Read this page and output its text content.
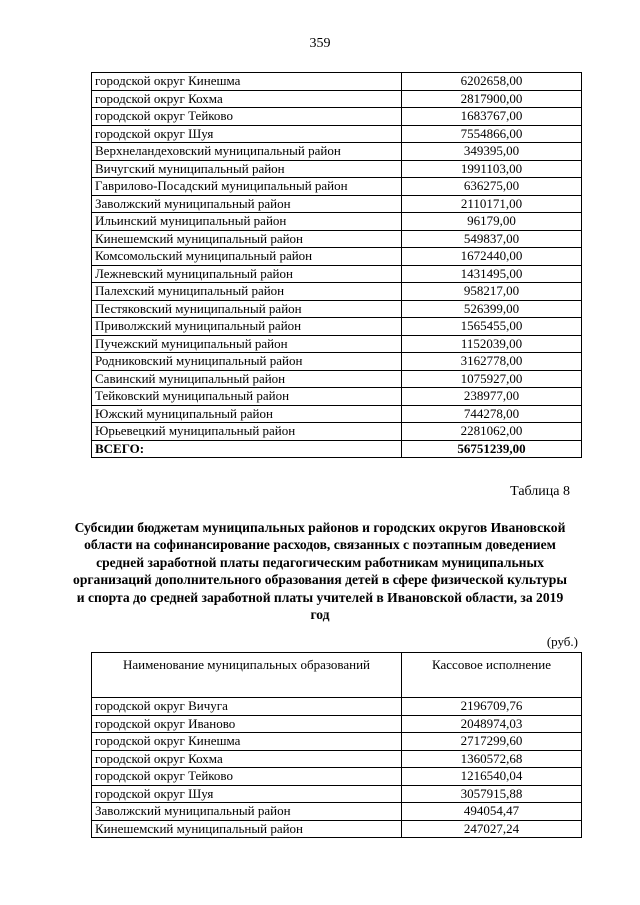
359
городской округ Кинешма	6202658,00
городской округ Кохма	2817900,00
городской округ Тейково	1683767,00
городской округ Шуя	7554866,00
Верхнеландеховский муниципальный район	349395,00
Вичугский муниципальный район	1991103,00
Гаврилово-Посадский муниципальный район	636275,00
Заволжский муниципальный район	2110171,00
Ильинский муниципальный район	96179,00
Кинешемский муниципальный район	549837,00
Комсомольский муниципальный район	1672440,00
Лежневский муниципальный район	1431495,00
Палехский муниципальный район	958217,00
Пестяковский муниципальный район	526399,00
Приволжский муниципальный район	1565455,00
Пучежский муниципальный район	1152039,00
Родниковский муниципальный район	3162778,00
Савинский муниципальный район	1075927,00
Тейковский муниципальный район	238977,00
Южский муниципальный район	744278,00
Юрьевецкий муниципальный район	2281062,00
ВСЕГО:	56751239,00
Таблица 8
Субсидии бюджетам муниципальных районов и городских округов Ивановской области на софинансирование расходов, связанных с поэтапным доведением средней заработной платы педагогическим работникам муниципальных организаций дополнительного образования детей в сфере физической культуры и спорта до средней заработной платы учителей в Ивановской области, за 2019 год
(руб.)
Наименование муниципальных образований	Кассовое исполнение
городской округ Вичуга	2196709,76
городской округ Иваново	2048974,03
городской округ Кинешма	2717299,60
городской округ Кохма	1360572,68
городской округ Тейково	1216540,04
городской округ Шуя	3057915,88
Заволжский муниципальный район	494054,47
Кинешемский муниципальный район	247027,24
